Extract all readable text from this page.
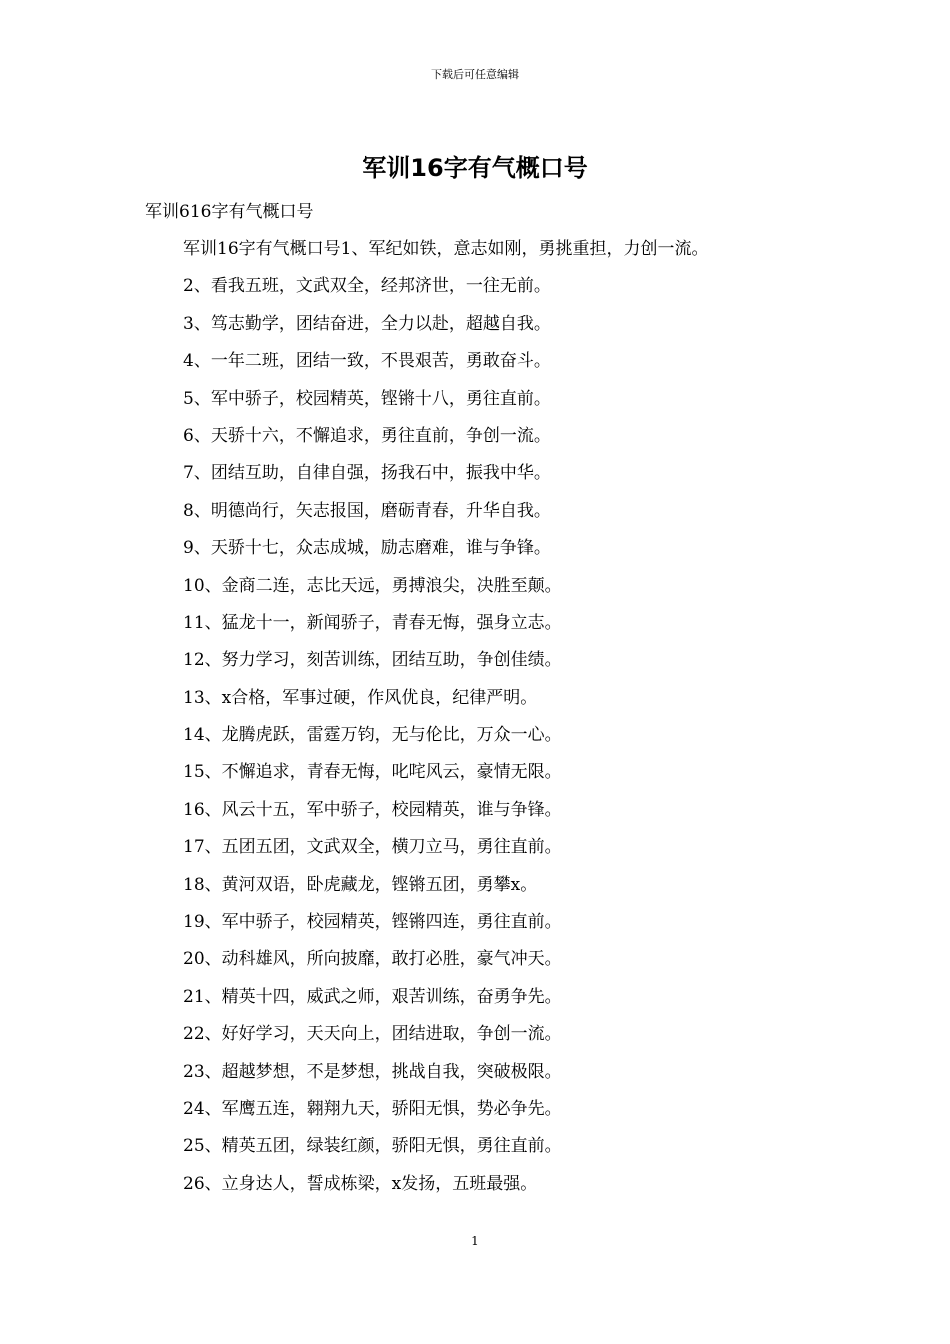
下载后可任意编辑
军训16字有气概口号
军训616字有气概口号
军训16字有气概口号1、军纪如铁，意志如刚，勇挑重担，力创一流。
2、看我五班，文武双全，经邦济世，一往无前。
3、笃志勤学，团结奋进，全力以赴，超越自我。
4、一年二班，团结一致，不畏艰苦，勇敢奋斗。
5、军中骄子，校园精英，铿锵十八，勇往直前。
6、天骄十六，不懈追求，勇往直前，争创一流。
7、团结互助，自律自强，扬我石中，振我中华。
8、明德尚行，矢志报国，磨砺青春，升华自我。
9、天骄十七，众志成城，励志磨难，谁与争锋。
10、金商二连，志比天远，勇搏浪尖，决胜至颠。
11、猛龙十一，新闻骄子，青春无悔，强身立志。
12、努力学习，刻苦训练，团结互助，争创佳绩。
13、x合格，军事过硬，作风优良，纪律严明。
14、龙腾虎跃，雷霆万钧，无与伦比，万众一心。
15、不懈追求，青春无悔，叱咤风云，豪情无限。
16、风云十五，军中骄子，校园精英，谁与争锋。
17、五团五团，文武双全，横刀立马，勇往直前。
18、黄河双语，卧虎藏龙，铿锵五团，勇攀x。
19、军中骄子，校园精英，铿锵四连，勇往直前。
20、动科雄风，所向披靡，敢打必胜，豪气冲天。
21、精英十四，威武之师，艰苦训练，奋勇争先。
22、好好学习，天天向上，团结进取，争创一流。
23、超越梦想，不是梦想，挑战自我，突破极限。
24、军鹰五连，翱翔九天，骄阳无惧，势必争先。
25、精英五团，绿装红颜，骄阳无惧，勇往直前。
26、立身达人，誓成栋梁，x发扬，五班最强。
1
